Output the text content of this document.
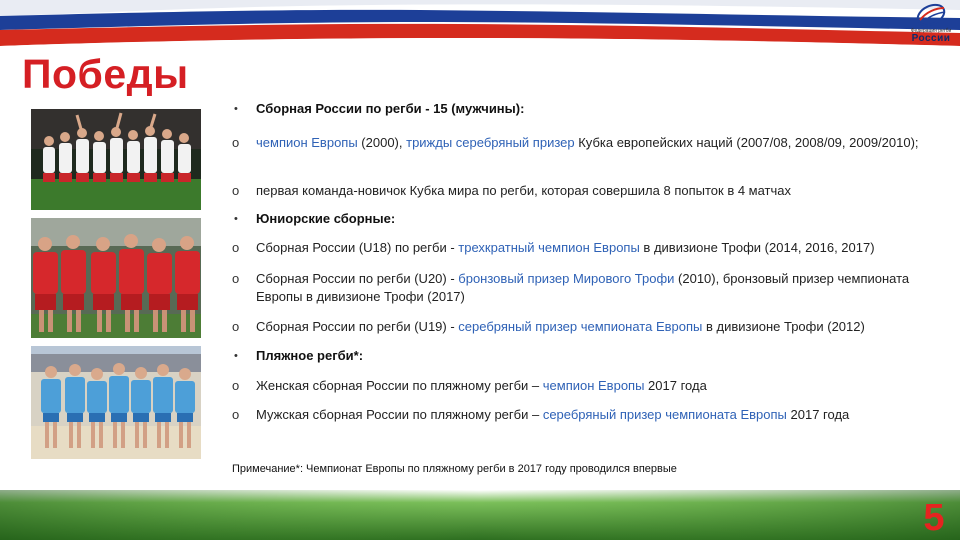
Федерация регби
России
Победы
•	Сборная России по регби - 15 (мужчины):
o	чемпион Европы (2000), трижды серебряный призер Кубка европейских наций (2007/08, 2008/09, 2009/2010);
o	первая команда-новичок Кубка мира по регби, которая совершила 8 попыток в 4 матчах
•	Юниорские сборные:
o	Сборная России (U18) по регби - трехкратный чемпион Европы в дивизионе Трофи (2014, 2016, 2017)
o	Сборная России по регби (U20) - бронзовый призер Мирового Трофи (2010), бронзовый призер чемпионата Европы в дивизионе Трофи (2017)
o	Сборная России по регби (U19) - серебряный призер чемпионата Европы в дивизионе Трофи (2012)
•	Пляжное регби*:
o	Женская сборная России по пляжному регби – чемпион Европы 2017 года
o	Мужская сборная России по пляжному регби – серебряный призер чемпионата Европы 2017 года
Примечание*: Чемпионат Европы по пляжному регби в 2017 году проводился впервые
5
